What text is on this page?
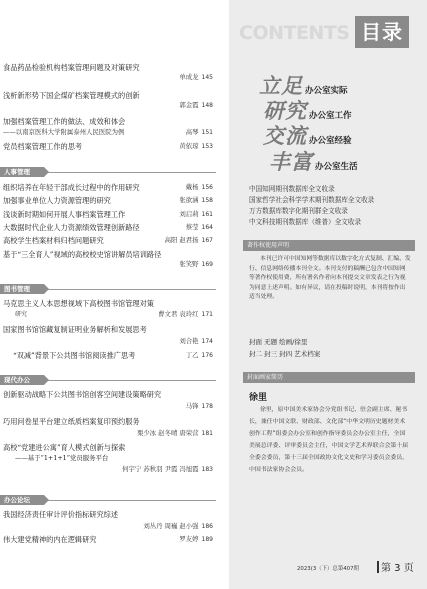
食品药品检验机构档案管理问题及对策研究
单成龙 145
浅析新形势下国企煤矿档案管理模式的创新
郭金霞 148
加强档案管理工作的做法、成效和体会
——以南京医科大学附属泰州人民医院为例	高琴 151
党员档案管理工作的思考	黄依琼 153
人事管理
组织培养在年轻干部成长过程中的作用研究	戴杨 156
加强事业单位人力资源管理的研究	张欲涵 158
浅谈新时期如何开展人事档案管理工作	刘启莉 161
大数据时代企业人力资源绩效管理创新路径	蔡莹 164
高校学生档案材料归档问题研究	高阳 赵君扬 167
基于“三全育人”视域的高校校史馆讲解员培训路径
张笑野 169
图书管理
马克思主义人本思想视域下高校图书馆管理对策
研究	曹文君 袁玲红 171
国家图书馆馆藏复制证明业务解析和发展思考
刘合艳 174
“双减”背景下公共图书馆阅读推广思考	丁乙 176
现代办公
创新驱动战略下公共图书馆创客空间建设策略研究
马锋 178
巧用问卷星平台建立纸质档案复印预约服务
栗少冰 赵冬晴 唐荣营 181
高校“党建进公寓”育人模式创新与探索
——基于“1+1+1”党员服务平台
何宇宁 苏秋羽 尹霞 冯旭霞 183
办公论坛
我国经济责任审计评价指标研究综述
刘丛丹 周巍 赵小强 186
伟大建党精神的内在逻辑研究	罗友婷 189
CONTENTS 目录
立足 办公室实际
研究 办公室工作
交流 办公室经验
丰富 办公室生活
中国知网期刊数据库全文收录
国家哲学社会科学学术期刊数据库全文收录
万方数据库数字化期刊群全文收录
中文科技期刊数据库（维普）全文收录
著作权使用声明
本刊已许可中国知网等数据库以数字化方式复制、汇编、发行、信息网络传播本刊全文。本刊支付的稿酬已包含中国知网等著作权使用费，所有署名作者向本刊提交文章发表之行为视为同意上述声明。如有异议，请在投稿时说明，本刊将按作出适当处理。
封面 无题 绘画/徐里
封二 封三 封四 艺术档案
封面画家简历
徐里
徐里，原中国美术家协会分党组书记、驻会副主席、秘书长，兼任中国文联、财政部、文化部“中华文明历史题材美术创作工程”组委会办公室和创作指导委员会办公室主任，全国美展总评委、评审委员会主任，中国文学艺术界联合会第十届全委会委员，第十三届全国政协文化文史和学习委员会委员，中国书法家协会会员。
2023(3（下）总第407期 第 3 页
